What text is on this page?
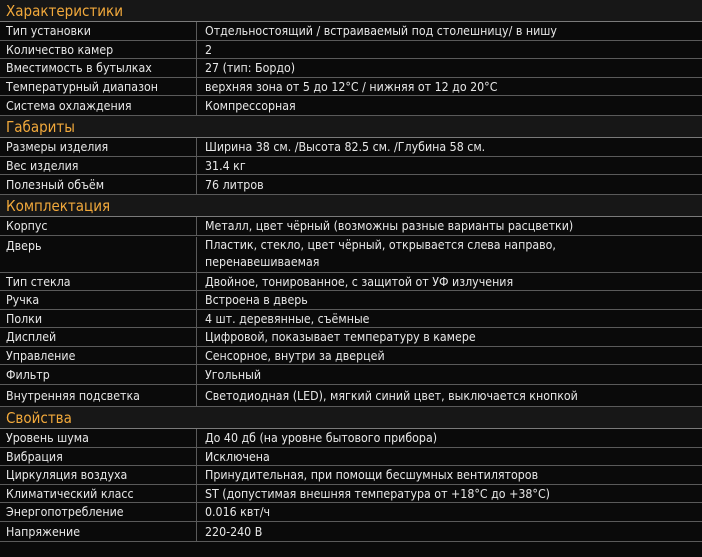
Характеристики
Тип установки	Отдельностоящий / встраиваемый под столешницу/ в нишу
Количество камер	2
Вместимость в бутылках	27 (тип: Бордо)
Температурный диапазон	верхняя зона от 5 до 12°С / нижняя от 12 до 20°С
Система охлаждения	Компрессорная
Габариты
Размеры изделия	Ширина 38 см. /Высота 82.5 см. /Глубина 58 см.
Вес изделия	31.4 кг
Полезный объём	76 литров
Комплектация
Корпус	Металл, цвет чёрный (возможны разные варианты расцветки)
Дверь	Пластик, стекло, цвет чёрный, открывается слева направо, перенавешиваемая
Тип стекла	Двойное, тонированное, с защитой от УФ излучения
Ручка	Встроена в дверь
Полки	4 шт. деревянные, съёмные
Дисплей	Цифровой, показывает температуру в камере
Управление	Сенсорное, внутри за дверцей
Фильтр	Угольный
Внутренняя подсветка	Светодиодная (LED), мягкий синий цвет, выключается кнопкой
Свойства
Уровень шума	До 40 дб (на уровне бытового прибора)
Вибрация	Исключена
Циркуляция воздуха	Принудительная, при помощи бесшумных вентиляторов
Климатический класс	ST (допустимая внешняя температура от +18°С до +38°С)
Энергопотребление	0.016 квт/ч
Напряжение	220-240 В
